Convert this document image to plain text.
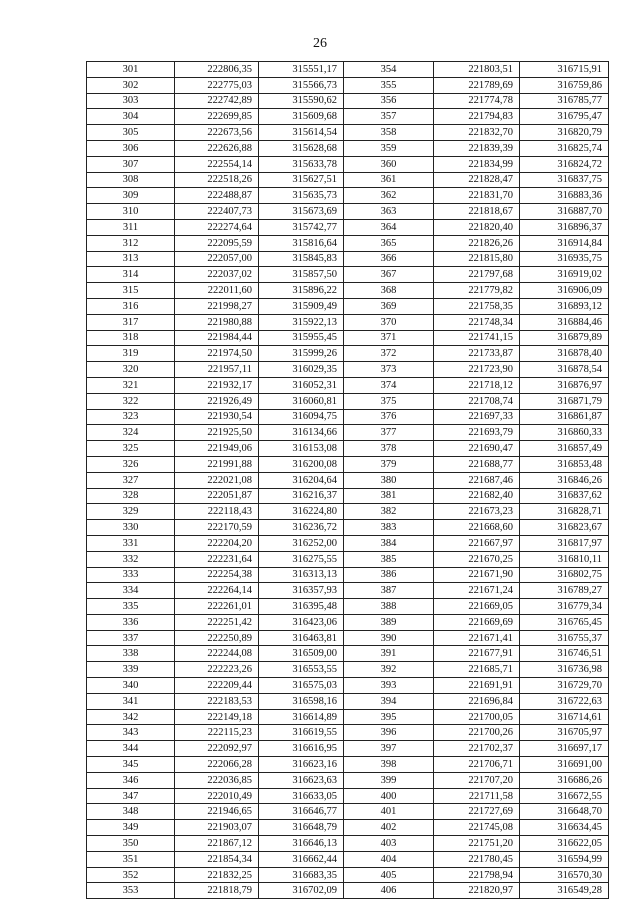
26
301	222806,35	315551,17	354	221803,51	316715,91
302	222775,03	315566,73	355	221789,69	316759,86
303	222742,89	315590,62	356	221774,78	316785,77
304	222699,85	315609,68	357	221794,83	316795,47
305	222673,56	315614,54	358	221832,70	316820,79
306	222626,88	315628,68	359	221839,39	316825,74
307	222554,14	315633,78	360	221834,99	316824,72
308	222518,26	315627,51	361	221828,47	316837,75
309	222488,87	315635,73	362	221831,70	316883,36
310	222407,73	315673,69	363	221818,67	316887,70
311	222274,64	315742,77	364	221820,40	316896,37
312	222095,59	315816,64	365	221826,26	316914,84
313	222057,00	315845,83	366	221815,80	316935,75
314	222037,02	315857,50	367	221797,68	316919,02
315	222011,60	315896,22	368	221779,82	316906,09
316	221998,27	315909,49	369	221758,35	316893,12
317	221980,88	315922,13	370	221748,34	316884,46
318	221984,44	315955,45	371	221741,15	316879,89
319	221974,50	315999,26	372	221733,87	316878,40
320	221957,11	316029,35	373	221723,90	316878,54
321	221932,17	316052,31	374	221718,12	316876,97
322	221926,49	316060,81	375	221708,74	316871,79
323	221930,54	316094,75	376	221697,33	316861,87
324	221925,50	316134,66	377	221693,79	316860,33
325	221949,06	316153,08	378	221690,47	316857,49
326	221991,88	316200,08	379	221688,77	316853,48
327	222021,08	316204,64	380	221687,46	316846,26
328	222051,87	316216,37	381	221682,40	316837,62
329	222118,43	316224,80	382	221673,23	316828,71
330	222170,59	316236,72	383	221668,60	316823,67
331	222204,20	316252,00	384	221667,97	316817,97
332	222231,64	316275,55	385	221670,25	316810,11
333	222254,38	316313,13	386	221671,90	316802,75
334	222264,14	316357,93	387	221671,24	316789,27
335	222261,01	316395,48	388	221669,05	316779,34
336	222251,42	316423,06	389	221669,69	316765,45
337	222250,89	316463,81	390	221671,41	316755,37
338	222244,08	316509,00	391	221677,91	316746,51
339	222223,26	316553,55	392	221685,71	316736,98
340	222209,44	316575,03	393	221691,91	316729,70
341	222183,53	316598,16	394	221696,84	316722,63
342	222149,18	316614,89	395	221700,05	316714,61
343	222115,23	316619,55	396	221700,26	316705,97
344	222092,97	316616,95	397	221702,37	316697,17
345	222066,28	316623,16	398	221706,71	316691,00
346	222036,85	316623,63	399	221707,20	316686,26
347	222010,49	316633,05	400	221711,58	316672,55
348	221946,65	316646,77	401	221727,69	316648,70
349	221903,07	316648,79	402	221745,08	316634,45
350	221867,12	316646,13	403	221751,20	316622,05
351	221854,34	316662,44	404	221780,45	316594,99
352	221832,25	316683,35	405	221798,94	316570,30
353	221818,79	316702,09	406	221820,97	316549,28
